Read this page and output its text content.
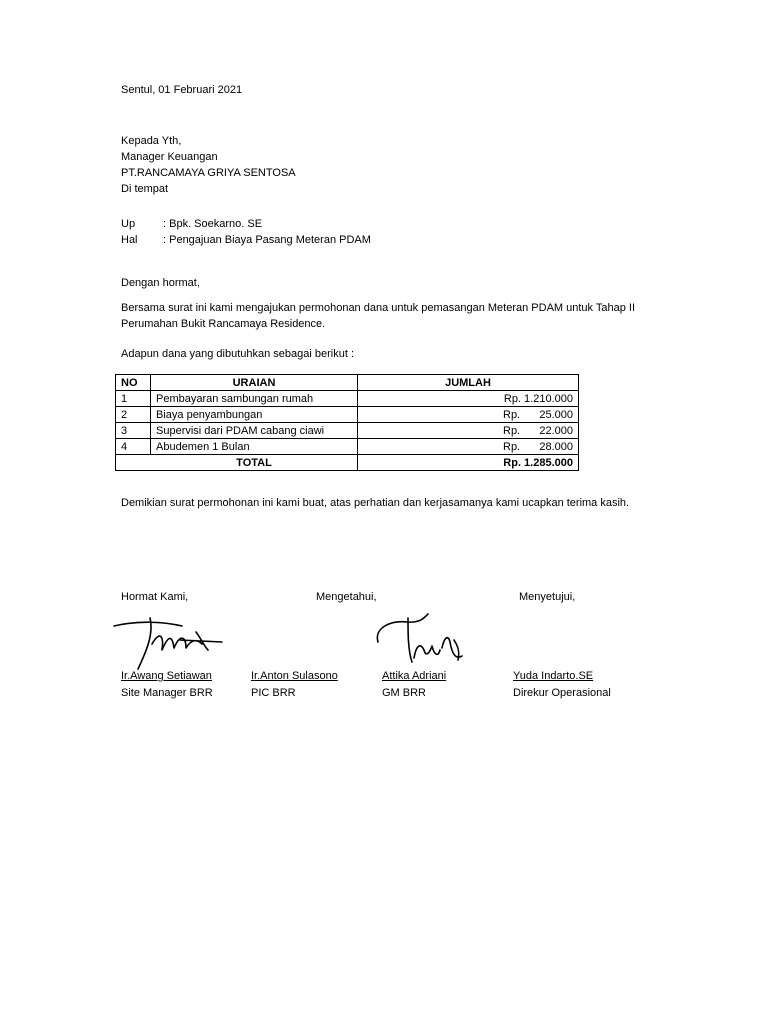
Sentul, 01 Februari 2021
Kepada Yth,
Manager Keuangan
PT.RANCAMAYA GRIYA SENTOSA
Di tempat
Up	: Bpk. Soekarno. SE
Hal : Pengajuan Biaya Pasang Meteran PDAM
Dengan hormat,
Bersama surat ini kami mengajukan permohonan dana untuk pemasangan Meteran PDAM untuk Tahap II Perumahan Bukit Rancamaya Residence.
Adapun dana yang dibutuhkan sebagai berikut :
NO	URAIAN	JUMLAH
1	Pembayaran sambungan rumah	Rp. 1.210.000

2	Biaya penyambungan	Rp. 25.000

3	Supervisi dari PDAM cabang ciawi	Rp. 22.000

4	Abudemen 1 Bulan	Rp. 28.000

TOTAL		Rp. 1.285.000
Demikian surat permohonan ini kami buat, atas perhatian dan kerjasamanya kami ucapkan terima kasih.
Hormat Kami,	Mengetahui,	Menyetujui,
Ir.Awang Setiawan
Site Manager BRR
Ir.Anton Sulasono
PIC BRR
Attika Adriani
GM BRR
Yuda Indarto.SE
Direkur Operasional
